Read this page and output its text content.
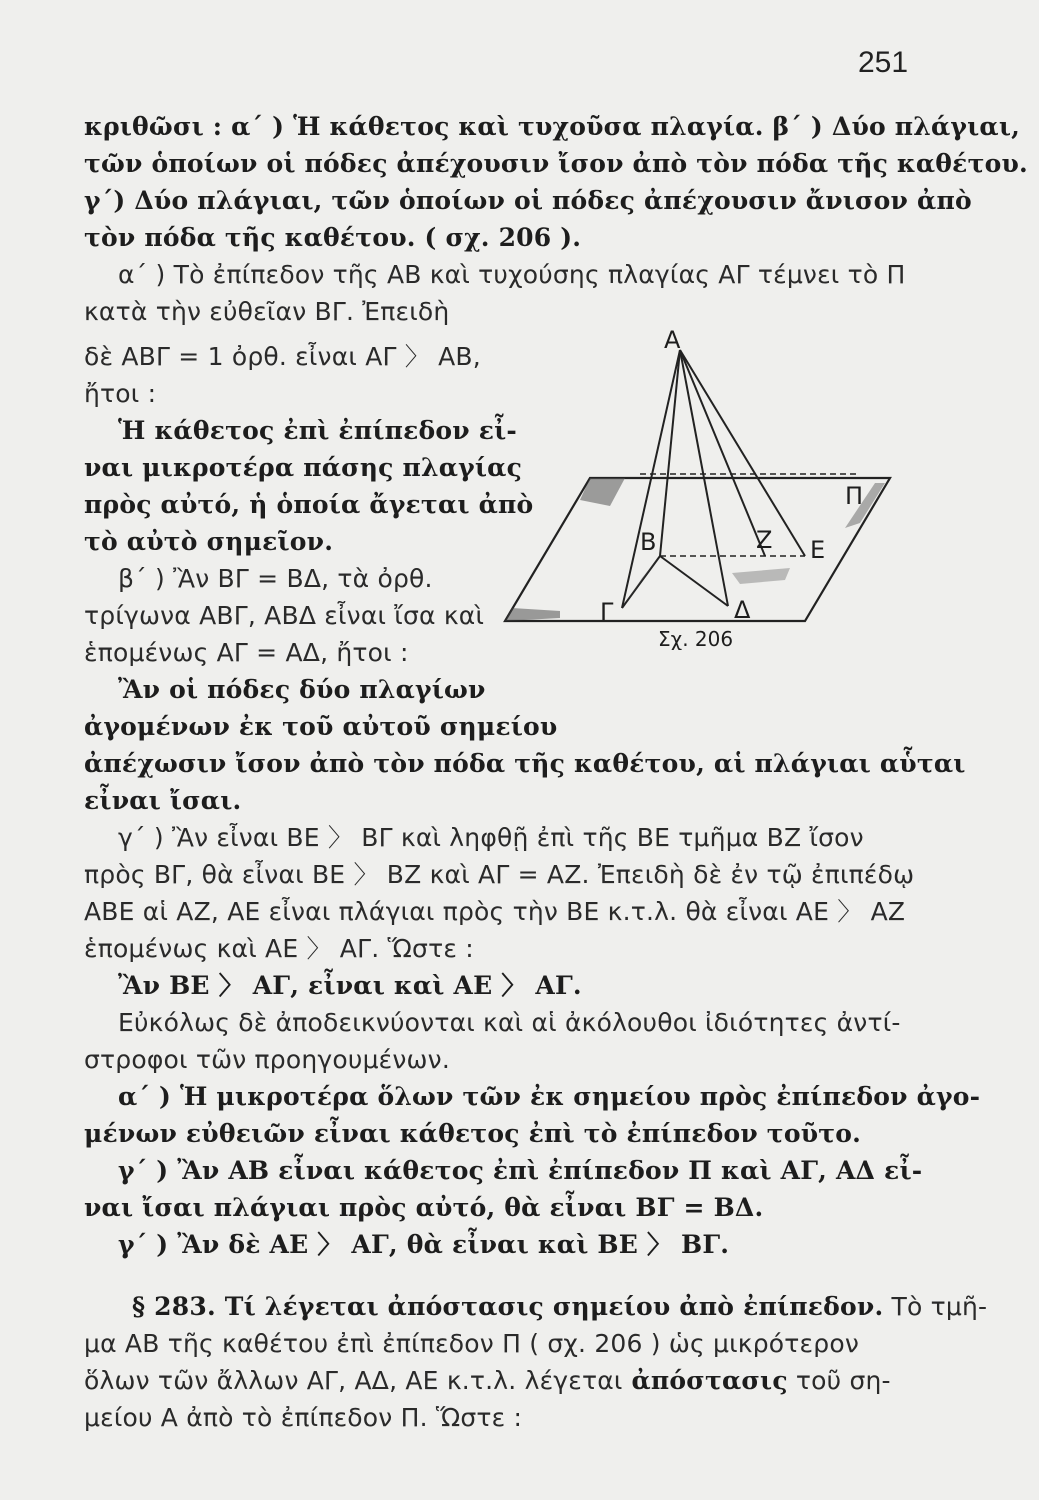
251
κριθῶσι : α΄ ) Ἡ κάθετος καὶ τυχοῦσα πλαγία. β΄ ) Δύο πλάγιαι,
τῶν ὁποίων οἱ πόδες ἀπέχουσιν ἴσον ἀπὸ τὸν πόδα τῆς καθέτου.
γ΄) Δύο πλάγιαι, τῶν ὁποίων οἱ πόδες ἀπέχουσιν ἄνισον ἀπὸ
τὸν πόδα τῆς καθέτου. ( σχ. 206 ).
α΄ ) Τὸ ἐπίπεδον τῆς ΑΒ καὶ τυχούσης πλαγίας ΑΓ τέμνει τὸ Π
κατὰ τὴν εὐθεῖαν ΒΓ. Ἐπειδὴ
δὲ ΑΒΓ = 1 ὀρθ. εἶναι ΑΓ 〉 ΑΒ,
ἤτοι :
Ἡ κάθετος ἐπὶ ἐπίπεδον εἶ-
ναι μικροτέρα πάσης πλαγίας
πρὸς αὐτό, ἡ ὁποία ἄγεται ἀπὸ
τὸ αὐτὸ σημεῖον.
β΄ ) Ἂν ΒΓ = ΒΔ, τὰ ὀρθ.
τρίγωνα ΑΒΓ, ΑΒΔ εἶναι ἴσα καὶ
ἑπομένως ΑΓ = ΑΔ, ἤτοι :
Ἂν οἱ πόδες δύο πλαγίων
ἀγομένων ἐκ τοῦ αὐτοῦ σημείου
ἀπέχωσιν ἴσον ἀπὸ τὸν πόδα τῆς καθέτου, αἱ πλάγιαι αὗται
εἶναι ἴσαι.
γ΄ ) Ἂν εἶναι ΒΕ 〉 ΒΓ καὶ ληφθῇ ἐπὶ τῆς ΒΕ τμῆμα ΒΖ ἴσον
πρὸς ΒΓ, θὰ εἶναι ΒΕ 〉 ΒΖ καὶ ΑΓ = ΑΖ. Ἐπειδὴ δὲ ἐν τῷ ἐπιπέδῳ
ΑΒΕ αἱ ΑΖ, ΑΕ εἶναι πλάγιαι πρὸς τὴν ΒΕ κ.τ.λ. θὰ εἶναι ΑΕ 〉 ΑΖ
ἑπομένως καὶ ΑΕ 〉 ΑΓ. Ὥστε :
Ἂν ΒΕ 〉 ΑΓ, εἶναι καὶ ΑΕ 〉 ΑΓ.
Εὐκόλως δὲ ἀποδεικνύονται καὶ αἱ ἀκόλουθοι ἰδιότητες ἀντί-
στροφοι τῶν προηγουμένων.
α΄ ) Ἡ μικροτέρα ὅλων τῶν ἐκ σημείου πρὸς ἐπίπεδον ἀγο-
μένων εὐθειῶν εἶναι κάθετος ἐπὶ τὸ ἐπίπεδον τοῦτο.
γ΄ ) Ἂν ΑΒ εἶναι κάθετος ἐπὶ ἐπίπεδον Π καὶ ΑΓ, ΑΔ εἶ-
ναι ἴσαι πλάγιαι πρὸς αὐτό, θὰ εἶναι ΒΓ = ΒΔ.
γ΄ ) Ἂν δὲ ΑΕ 〉 ΑΓ, θὰ εἶναι καὶ ΒΕ 〉 ΒΓ.
§ 283. Τί λέγεται ἀπόστασις σημείου ἀπὸ ἐπίπεδον. Τὸ τμῆ-
μα ΑΒ τῆς καθέτου ἐπὶ ἐπίπεδον Π ( σχ. 206 ) ὡς μικρότερον
ὅλων τῶν ἄλλων ΑΓ, ΑΔ, ΑΕ κ.τ.λ. λέγεται ἀπόστασις τοῦ ση-
μείου Α ἀπὸ τὸ ἐπίπεδον Π. Ὥστε :
Α
Β
Γ	Δ
Ζ Ε
Π
Σχ. 206
